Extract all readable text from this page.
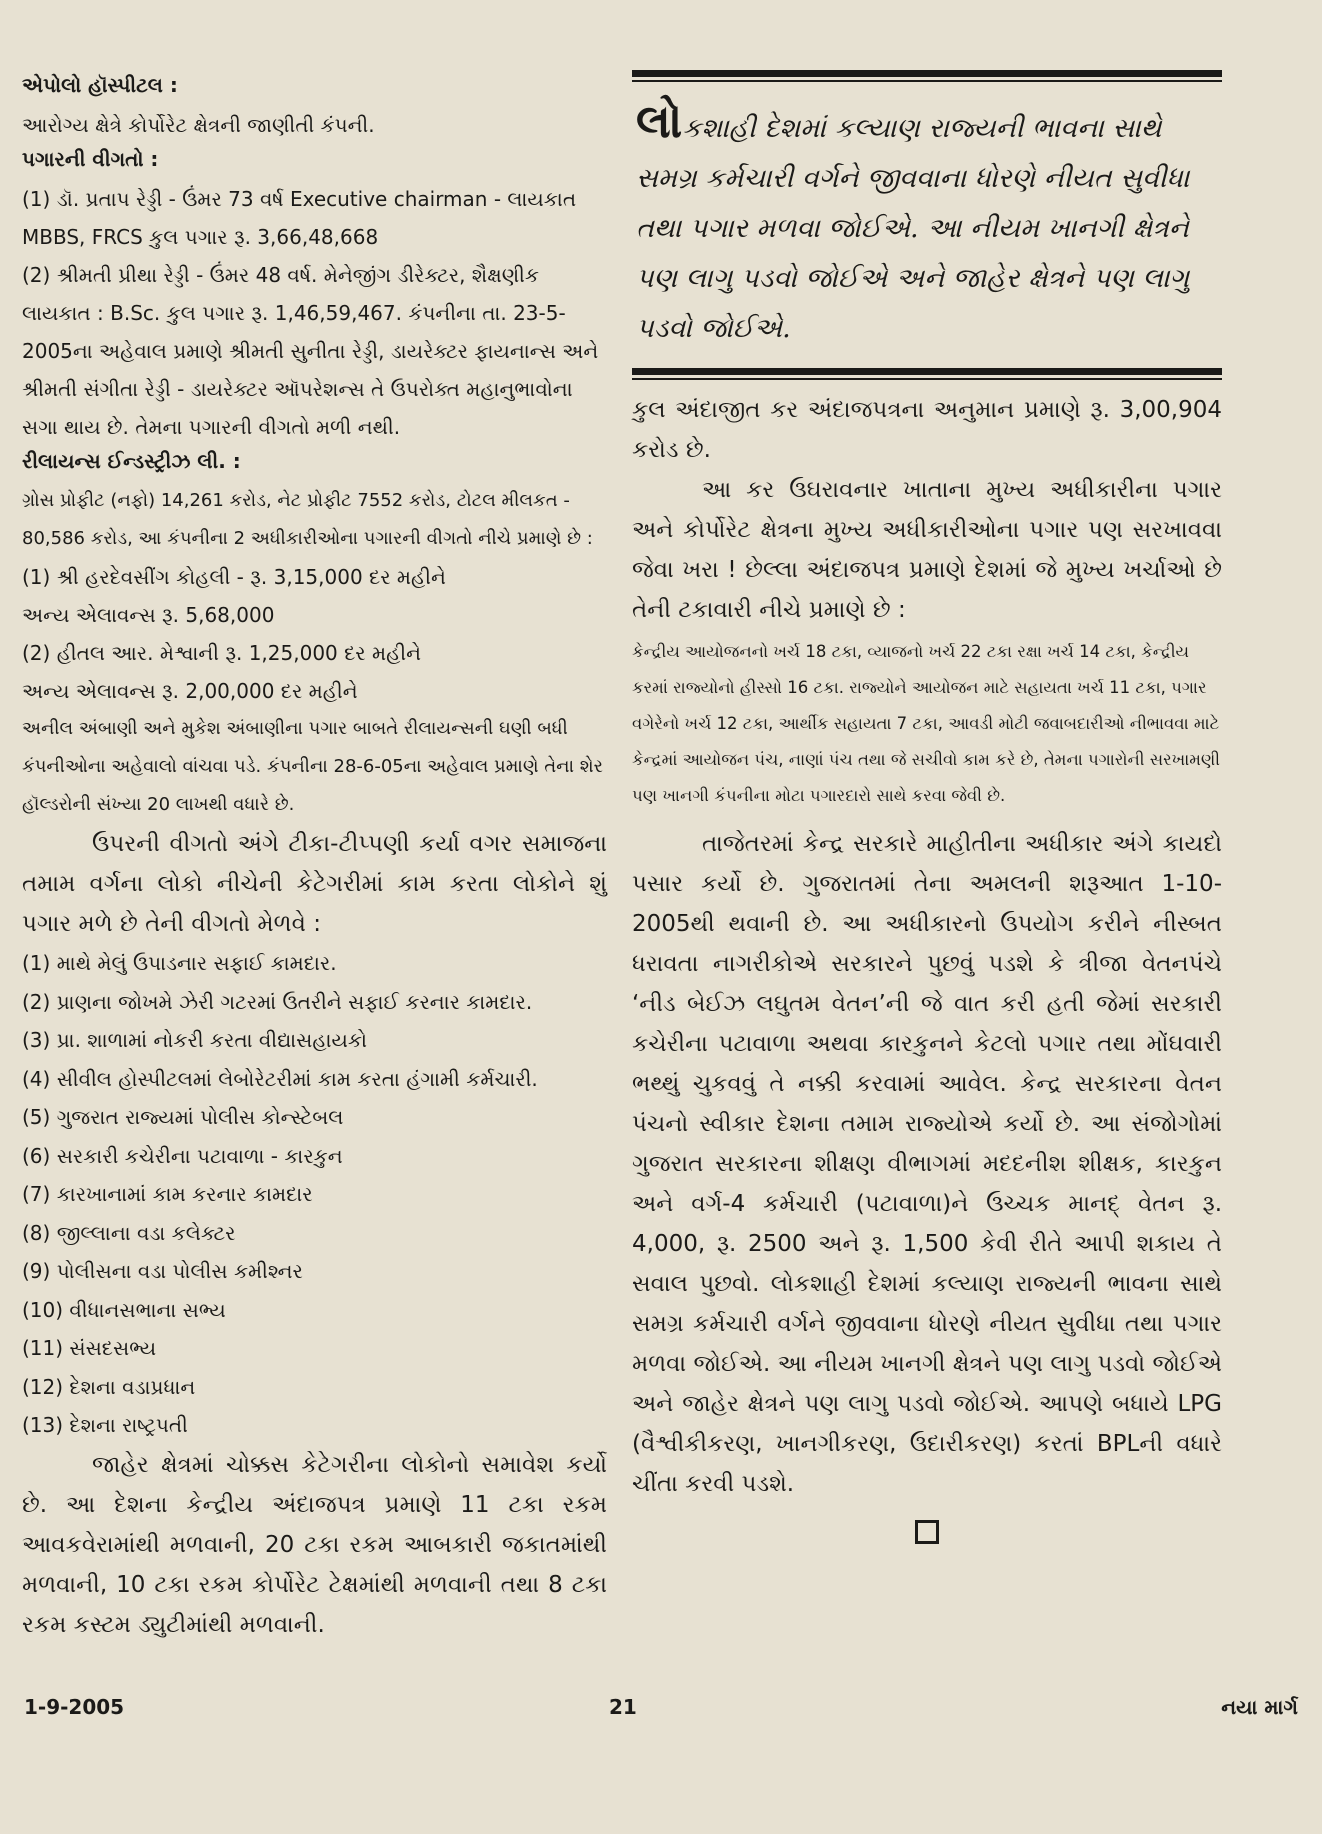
એપોલો હૉસ્પીટલ :

આરોગ્ય ક્ષેત્રે કોર્પોરેટ ક્ષેત્રની જાણીતી કંપની.

પગારની વીગતો :

(1) ડૉ. પ્રતાપ રેડ્ડી - ઉંમર 73 વર્ષ Executive chairman - લાયકાત MBBS, FRCS કુલ પગાર રૂ. 3,66,48,668

(2) શ્રીમતી પ્રીથા રેડ્ડી - ઉંમર 48 વર્ષ. મેનેજીંગ ડીરેક્ટર, શૈક્ષણીક લાયકાત : B.Sc. કુલ પગાર રૂ. 1,46,59,467. કંપનીના તા. 23-5-2005ના અહેવાલ પ્રમાણે શ્રીમતી સુનીતા રેડ્ડી, ડાયરેક્ટર ફાયનાન્સ અને શ્રીમતી સંગીતા રેડ્ડી - ડાયરેક્ટર ઑપરેશન્સ તે ઉપરોક્ત મહાનુભાવોના સગા થાય છે. તેમના પગારની વીગતો મળી નથી.

રીલાયન્સ ઈન્ડસ્ટ્રીઝ લી. :

ગ્રોસ પ્રોફીટ (નફો) 14,261 કરોડ, નેટ પ્રોફીટ 7552 કરોડ, ટોટલ મીલકત - 80,586 કરોડ, આ કંપનીના 2 અધીકારીઓના પગારની વીગતો નીચે પ્રમાણે છે :

(1) શ્રી હરદેવસીંગ કોહલી - રૂ. 3,15,000 દર મહીને

અન્ય એલાવન્સ રૂ. 5,68,000

(2) હીતલ આર. મેશ્વાની રૂ. 1,25,000 દર મહીને

અન્ય એલાવન્સ રૂ. 2,00,000 દર મહીને

અનીલ અંબાણી અને મુકેશ અંબાણીના પગાર બાબતે રીલાયન્સની ઘણી બધી કંપનીઓના અહેવાલો વાંચવા પડે. કંપનીના 28-6-05ના અહેવાલ પ્રમાણે તેના શેર હૉલ્ડરોની સંખ્યા 20 લાખથી વધારે છે.

ઉપરની વીગતો અંગે ટીકા-ટીપ્પણી કર્યા વગર સમાજના તમામ વર્ગના લોકો નીચેની કેટેગરીમાં કામ કરતા લોકોને શું પગાર મળે છે તેની વીગતો મેળવે :

(1) માથે મેલું ઉપાડનાર સફાઈ કામદાર.
(2) પ્રાણના જોખમે ઝેરી ગટરમાં ઉતરીને સફાઈ કરનાર કામદાર.
(3) પ્રા. શાળામાં નોકરી કરતા વીદ્યાસહાયકો
(4) સીવીલ હોસ્પીટલમાં લેબોરેટરીમાં કામ કરતા હંગામી કર્મચારી.
(5) ગુજરાત રાજ્યમાં પોલીસ કોન્સ્ટેબલ
(6) સરકારી કચેરીના પટાવાળા - કારકુન
(7) કારખાનામાં કામ કરનાર કામદાર
(8) જીલ્લાના વડા કલેક્ટર
(9) પોલીસના વડા પોલીસ કમીશ્નર
(10) વીધાનસભાના સભ્ય
(11) સંસદસભ્ય
(12) દેશના વડાપ્રધાન
(13) દેશના રાષ્ટ્રપતી

જાહેર ક્ષેત્રમાં ચોક્કસ કેટેગરીના લોકોનો સમાવેશ કર્યો છે. આ દેશના કેન્દ્રીય અંદાજપત્ર પ્રમાણે 11 ટકા રકમ આવકવેરામાંથી મળવાની, 20 ટકા રકમ આબકારી જકાતમાંથી મળવાની, 10 ટકા રકમ કોર્પોરેટ ટેક્ષમાંથી મળવાની તથા 8 ટકા રકમ કસ્ટમ ડ્યુટીમાંથી મળવાની.

લોકશાહી દેશમાં કલ્યાણ રાજ્યની ભાવના સાથે સમગ્ર કર્મચારી વર્ગને જીવવાના ધોરણે નીયત સુવીધા તથા પગાર મળવા જોઈએ. આ નીયમ ખાનગી ક્ષેત્રને પણ લાગુ પડવો જોઈએ અને જાહેર ક્ષેત્રને પણ લાગુ પડવો જોઈએ.

કુલ અંદાજીત કર અંદાજપત્રના અનુમાન પ્રમાણે રૂ. 3,00,904 કરોડ છે.

આ કર ઉઘરાવનાર ખાતાના મુખ્ય અધીકારીના પગાર અને કોર્પોરેટ ક્ષેત્રના મુખ્ય અધીકારીઓના પગાર પણ સરખાવવા જેવા ખરા ! છેલ્લા અંદાજપત્ર પ્રમાણે દેશમાં જે મુખ્ય ખર્ચાઓ છે તેની ટકાવારી નીચે પ્રમાણે છે :

કેન્દ્રીય આયોજનનો ખર્ચ 18 ટકા, વ્યાજનો ખર્ચ 22 ટકા રક્ષા ખર્ચ 14 ટકા, કેન્દ્રીય કરમાં રાજ્યોનો હીસ્સો 16 ટકા. રાજ્યોને આયોજન માટે સહાયતા ખર્ચ 11 ટકા, પગાર વગેરેનો ખર્ચ 12 ટકા, આર્થીક સહાયતા 7 ટકા, આવડી મોટી જવાબદારીઓ નીભાવવા માટે કેન્દ્રમાં આયોજન પંચ, નાણાં પંચ તથા જે સચીવો કામ કરે છે, તેમના પગારોની સરખામણી પણ ખાનગી કંપનીના મોટા પગારદારો સાથે કરવા જેવી છે.

તાજેતરમાં કેન્દ્ર સરકારે માહીતીના અધીકાર અંગે કાયદો પસાર કર્યો છે. ગુજરાતમાં તેના અમલની શરૂઆત 1-10-2005થી થવાની છે. આ અધીકારનો ઉપયોગ કરીને નીસ્બત ધરાવતા નાગરીકોએ સરકારને પુછવું પડશે કે ત્રીજા વેતનપંચે ‘નીડ બેઈઝ લઘુતમ વેતન’ની જે વાત કરી હતી જેમાં સરકારી કચેરીના પટાવાળા અથવા કારકુનને કેટલો પગાર તથા મોંઘવારી ભથ્થું ચુકવવું તે નક્કી કરવામાં આવેલ. કેન્દ્ર સરકારના વેતન પંચનો સ્વીકાર દેશના તમામ રાજ્યોએ કર્યો છે. આ સંજોગોમાં ગુજરાત સરકારના શીક્ષણ વીભાગમાં મદદનીશ શીક્ષક, કારકુન અને વર્ગ-4 કર્મચારી (પટાવાળા)ને ઉચ્ચક માનદ્ વેતન રૂ. 4,000, રૂ. 2500 અને રૂ. 1,500 કેવી રીતે આપી શકાય તે સવાલ પુછવો. લોકશાહી દેશમાં કલ્યાણ રાજ્યની ભાવના સાથે સમગ્ર કર્મચારી વર્ગને જીવવાના ધોરણે નીયત સુવીધા તથા પગાર મળવા જોઈએ. આ નીયમ ખાનગી ક્ષેત્રને પણ લાગુ પડવો જોઈએ અને જાહેર ક્ષેત્રને પણ લાગુ પડવો જોઈએ. આપણે બધાયે LPG (વૈશ્વીકીકરણ, ખાનગીકરણ, ઉદારીકરણ) કરતાં BPLની વધારે ચીંતા કરવી પડશે.

1-9-2005	21	નયા માર્ગ
